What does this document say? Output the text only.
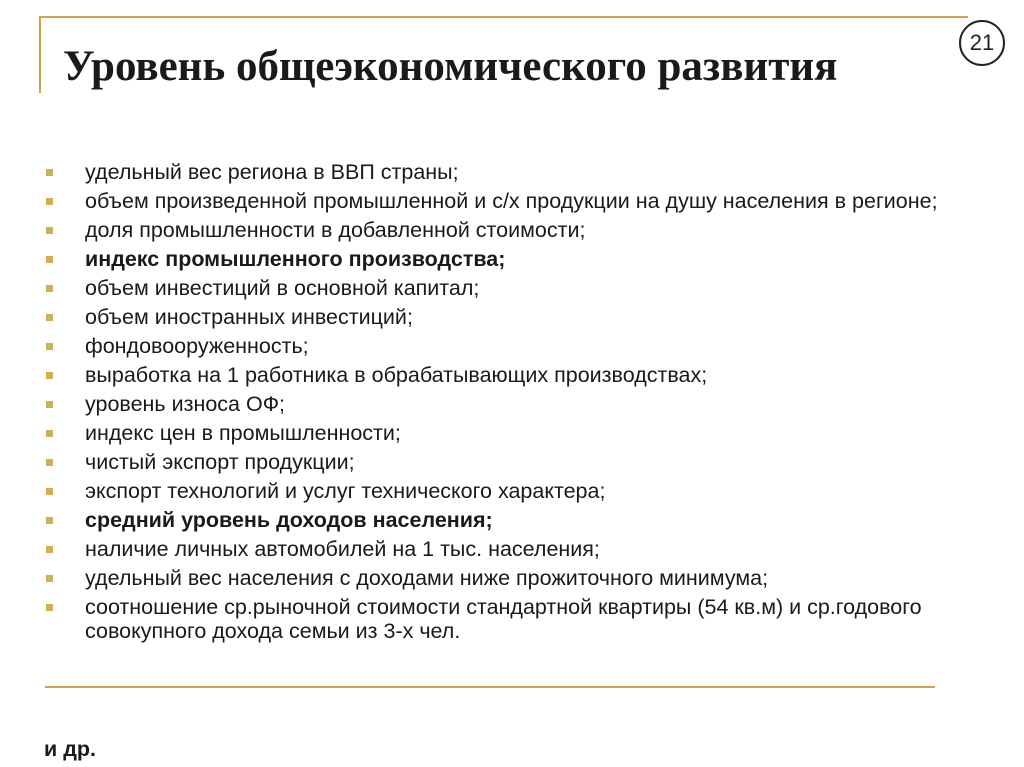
Уровень общеэкономического развития
21
удельный вес региона в ВВП страны;
объем произведенной промышленной и с/х продукции на душу населения в регионе;
доля промышленности в добавленной стоимости;
индекс промышленного производства;
объем инвестиций в основной капитал;
объем иностранных инвестиций;
фондовооруженность;
выработка на 1 работника в обрабатывающих производствах;
уровень износа ОФ;
индекс цен в промышленности;
чистый экспорт продукции;
экспорт технологий и услуг технического характера;
средний уровень доходов населения;
наличие личных автомобилей на 1 тыс. населения;
удельный вес населения с доходами ниже прожиточного минимума;
соотношение ср.рыночной стоимости стандартной квартиры (54 кв.м) и ср.годового совокупного дохода семьи из 3-х чел.

и др.
